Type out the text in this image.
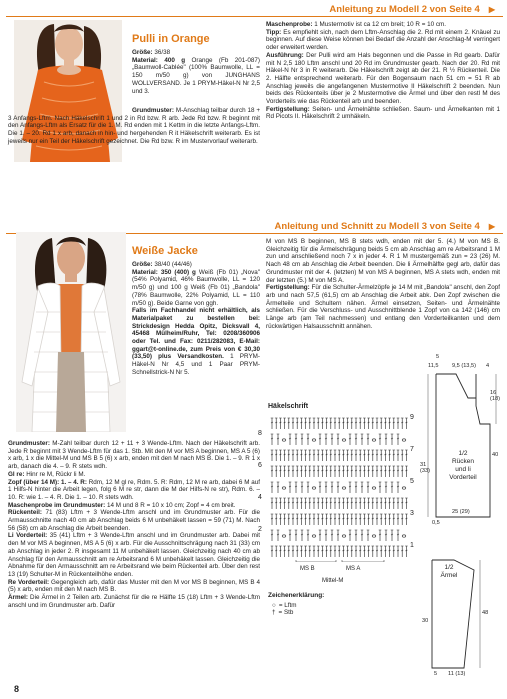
Anleitung zu Modell 2 von Seite 4	▶
Pulli in Orange

Größe: 36/38

Material: 400 g Orange (Fb 201-087) „Baumwoll-Cablée" (100% Baumwolle, LL = 150 m/50 g) von JUNGHANS WOLLVERSAND. Je 1 PRYM-Häkel-N Nr 2,5 und 3.

Grundmuster: M-Anschlag teilbar durch 18 + 3 Anfangs-Lftm. Nach Häkelschrift 1 und 2 in Rd bzw. R arb. Jede Rd bzw. R beginnt mit den Anfangs-Lftm als Ersatz für die 1. M. Rd enden mit 1 Kettm in die letzte Anfangs-Lftm. Die 1. – 20. Rd 1 x arb, danach in hin- und hergehenden R it Häkelschrift weiterarb. Es ist jeweils nur ein Teil der Häkelschrift gezeichnet. Die Rd bzw. R im Mustervorlauf weiterarb.

Maschenprobe: 1 Mustermotiv ist ca 12 cm breit; 10 R = 10 cm.

Tipp: Es empfiehlt sich, nach dem Lftm-Anschlag die 2. Rd mit einem 2. Knäuel zu beginnen. Auf diese Weise können bei Bedarf die Anzahl der Anschlag-M verringert oder erweitert werden.

Ausführung: Der Pulli wird am Hals begonnen und die Passe in Rd gearb. Dafür mit N 2,5 180 Lftm anschl und 20 Rd im Grundmuster gearb. Nach der 20. Rd mit Häkel-N Nr 3 in R weiterarb. Die Häkelschrift zeigt ab der 21. R ½ Rückenteil. Die 2. Hälfte entsprechend weiterarb. Für den Bogensaum nach 51 cm = 51 R ab Anschlag jeweils die angefangenen Mustermotive II Häkelschrift 2 beenden. Nun beids des Rückenteils über je 2 Mustermotive die Ärmel und über den restl M des Vorderteils wie das Rückenteil arb und beenden.

Fertigstellung: Seiten- und Ärmelnähte schließen. Saum- und Ärmelkanten mit 1 Rd Picots II. Häkelschrift 2 umhäkeln.

Anleitung und Schnitt zu Modell 3 von Seite 4	▶
Weiße Jacke

Größe: 38/40 (44/46)

Material: 350 (400) g Weiß (Fb 01) „Nova" (54% Polyamid, 46% Baumwolle, LL = 120 m/50 g) und 100 g Weiß (Fb 01) „Bandola" (78% Baumwolle, 22% Polyamid, LL = 110 m/50 g). Beide Garne von ggh.

Falls im Fachhandel nicht erhältlich, als Materialpaket zu bestellen bei: Strickdesign Hedda Opitz, Dicksvall 4, 45468 Mülheim/Ruhr, Tel: 0208/360906 oder Tel. und Fax: 0211/282083, E-Mail: ggart@t-online.de, zum Preis von € 30,30 (33,50) plus Versandkosten. 1 PRYM-Häkel-N Nr 4,5 und 1 Paar PRYM-Schnellstrick-N Nr 5.

Grundmuster: M-Zahl teilbar durch 12 + 11 + 3 Wende-Lftm. Nach der Häkelschrift arb. Jede R beginnt mit 3 Wende-Lftm für das 1. Stb. Mit den M vor MS A beginnen, MS A 5 (6) x arb, 1 x die Mittel-M und MS B 5 (6) x arb, enden mit den M nach MS B. Die 1. – 9. R 1 x arb, danach die 4. – 9. R stets wdh.

Gl re: Hinr re M, Rückr li M.

Zopf (über 14 M): 1. – 4. R: Rdm, 12 M gl re, Rdm. 5. R: Rdm, 12 M re arb, dabei 6 M auf 1 Hilfs-N hinter die Arbeit legen, folg 6 M re str, dann die M der Hilfs-N re str), Rdm. 6. – 10. R: wie 1. – 4. R. Die 1. – 10. R stets wdh.

Maschenprobe im Grundmuster: 14 M und 8 R = 10 x 10 cm; Zopf = 4 cm breit.

Rückenteil: 71 (83) Lftm + 3 Wende-Lftm anschl und im Grundmuster arb. Für die Armausschnitte nach 40 cm ab Anschlag beids 6 M unbehäkelt lassen = 59 (71) M. Nach 56 (58) cm ab Anschlag die Arbeit beenden.

Li Vorderteil: 35 (41) Lftm + 3 Wende-Lftm anschl und im Grundmuster arb. Dabei mit den M vor MS A beginnen, MS A 5 (6) x arb. Für die Ausschnittschrägung nach 31 (33) cm ab Anschlag in jeder 2. R insgesamt 11 M unbehäkelt lassen. Gleichzeitig nach 40 cm ab Anschlag für den Armausschnitt am re Arbeitsrand 6 M unbehäkelt lassen. Gleichzeitig die Abnahme für den Armausschnitt am re Arbeitsrand wie beim Rückenteil arb. Über den rest 13 (19) Schulter-M in Rückenteilhöhe enden.

Re Vorderteil: Gegengleich arb, dafür das Muster mit den M vor MS B beginnen, MS B 4 (5) x arb, enden mit den M nach MS B.

Ärmel: Die Ärmel in 2 Teilen arb. Zunächst für die re Hälfte 15 (18) Lftm + 3 Wende-Lftm anschl und im Grundmuster arb. Dafür

M von MS B beginnen, MS B stets wdh, enden mit der 5. (4.) M von MS B. Gleichzeitig für die Ärmelschrägung beids 5 cm ab Anschlag am re Arbeitsrand 1 M zun und anschließend noch 7 x in jeder 4. R 1 M mustergemäß zun = 23 (26) M. Nach 48 cm ab Anschlag die Arbeit beenden. Die li Ärmelhälfte gegl arb, dafür das Grundmuster mit der 4. (letzten) M von MS A beginnen, MS A stets wdh, enden mit der letzten (5.) M von MS A.

Fertigstellung: Für die Schulter-Ärmelzöpfe je 14 M mit „Bandola" anschl, den Zopf arb und nach 57,5 (61,5) cm ab Anschlag die Arbeit abk. Den Zopf zwischen die Ärmelteile und Schultern nähen. Ärmel einsetzen, Seiten- und Ärmelnähte schließen. Für die Verschluss- und Ausschnittblende 1 Zopf von ca 142 (146) cm Länge arb (am Teil nachmessen) und entlang den Vorderteilkanten und dem rückwärtigen Halsausschnitt annähen.

Häkelschrift
9
7
5
3
1
8
6
4
2
MS B	MS A
Mittel-M
Zeichenerklärung:
○ = Lftm
† = Stb
5
11,5 9,5 (13,5) 4
16 (18)
40
31 (33)
25 (29)
0,5
1/2
Rücken
und li
Vorderteil
1/2
Ärmel
30
48
5 11 (13)
8
